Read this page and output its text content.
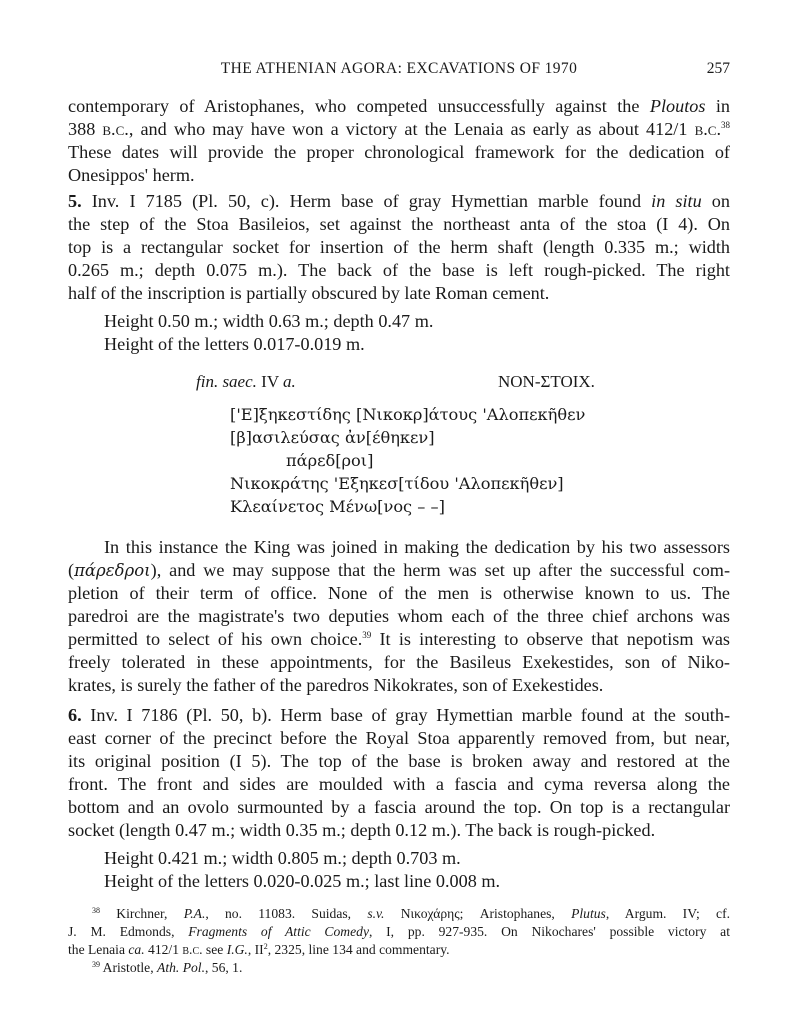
THE ATHENIAN AGORA: EXCAVATIONS OF 1970	257
contemporary of Aristophanes, who competed unsuccessfully against the Ploutos in
388 b.c., and who may have won a victory at the Lenaia as early as about 412/1 b.c.$^{38}$
These dates will provide the proper chronological framework for the dedication of
Onesippos' herm.
5. Inv. I 7185 (Pl. 50, c). Herm base of gray Hymettian marble found in situ on
the step of the Stoa Basileios, set against the northeast anta of the stoa (I 4). On
top is a rectangular socket for insertion of the herm shaft (length 0.335 m.; width
0.265 m.; depth 0.075 m.). The back of the base is left rough-picked. The right
half of the inscription is partially obscured by late Roman cement.
Height 0.50 m.; width 0.63 m.; depth 0.47 m.
Height of the letters 0.017-0.019 m.
fin. saec. IV a.	NON-ΣΤΟΙΧ.
['Ε]ξηκεστίδης [Νικοκρ]άτους 'Αλοπεκῆθεν
[β]ασιλεύσας ἀν[έθηκεν]
πάρεδ[ροι]
Νικοκράτης 'Εξηκεσ[τίδου 'Αλοπεκῆθεν]
Κλεαίνετος Μένω[νος – –]
In this instance the King was joined in making the dedication by his two assessors
(πάρεδροι), and we may suppose that the herm was set up after the successful com-
pletion of their term of office. None of the men is otherwise known to us. The
paredroi are the magistrate's two deputies whom each of the three chief archons was
permitted to select of his own choice.$^{39}$ It is interesting to observe that nepotism was
freely tolerated in these appointments, for the Basileus Exekestides, son of Niko-
krates, is surely the father of the paredros Nikokrates, son of Exekestides.
6. Inv. I 7186 (Pl. 50, b). Herm base of gray Hymettian marble found at the south-
east corner of the precinct before the Royal Stoa apparently removed from, but near,
its original position (I 5). The top of the base is broken away and restored at the
front. The front and sides are moulded with a fascia and cyma reversa along the
bottom and an ovolo surmounted by a fascia around the top. On top is a rectangular
socket (length 0.47 m.; width 0.35 m.; depth 0.12 m.). The back is rough-picked.
Height 0.421 m.; width 0.805 m.; depth 0.703 m.
Height of the letters 0.020-0.025 m.; last line 0.008 m.
$^{38}$ Kirchner, P.A., no. 11083. Suidas, s.v. Νικοχάρης; Aristophanes, Plutus, Argum. IV; cf.
J. M. Edmonds, Fragments of Attic Comedy, I, pp. 927-935. On Nikochares' possible victory at
the Lenaia ca. 412/1 b.c. see I.G., II$^2$, 2325, line 134 and commentary.
$^{39}$ Aristotle, Ath. Pol., 56, 1.
